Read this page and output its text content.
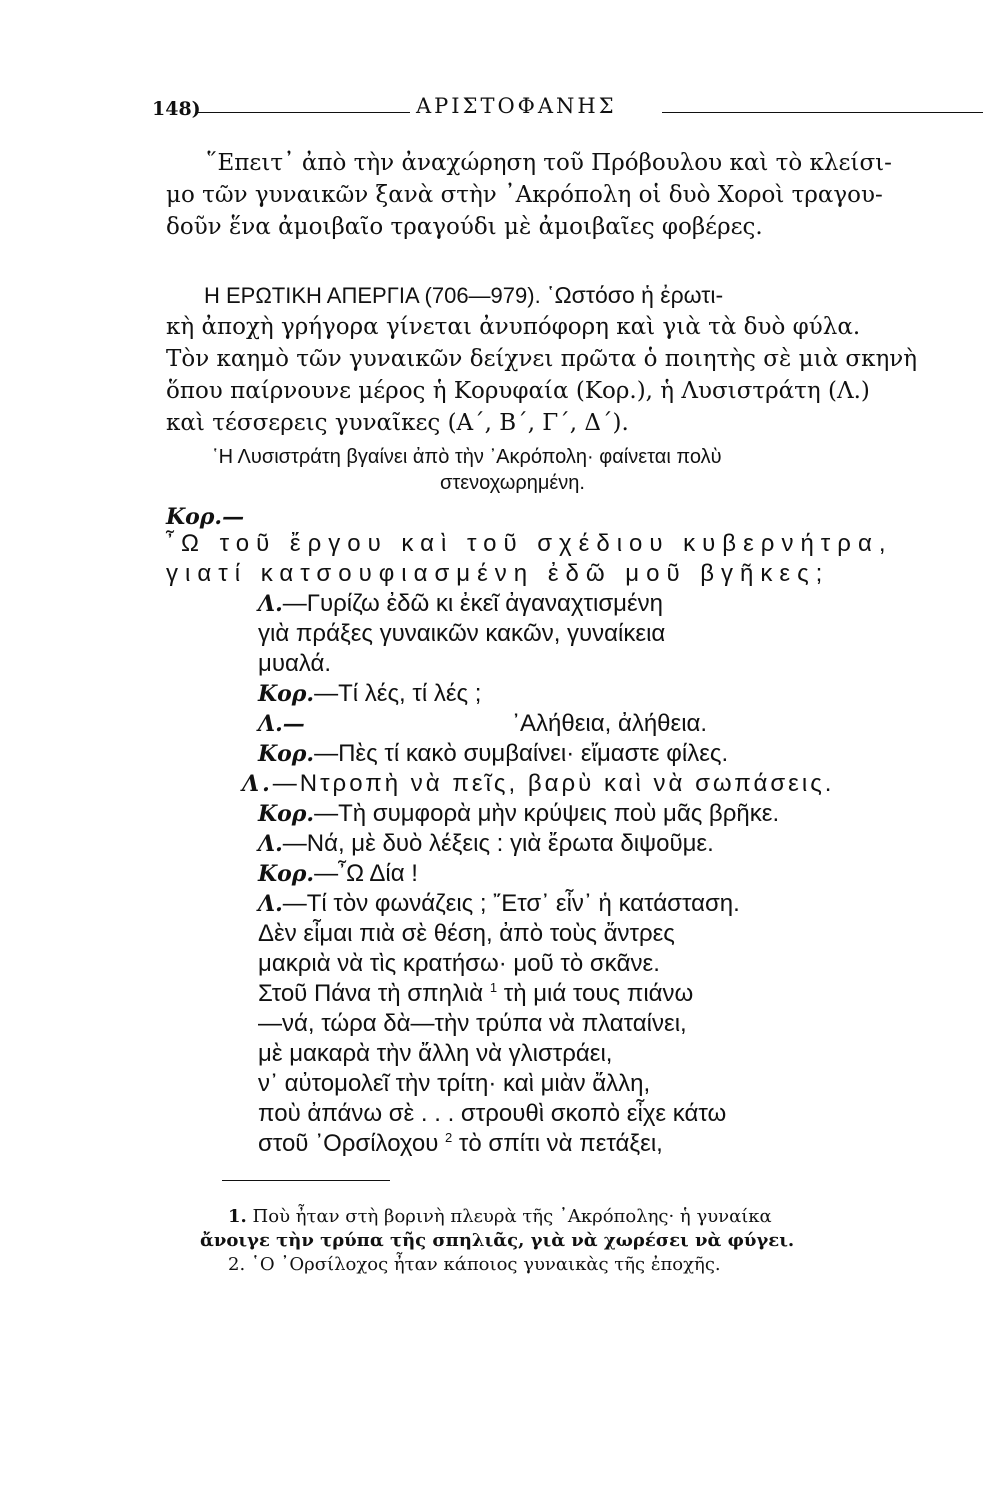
148)	ΑΡΙΣΤΟΦΑΝΗΣ
῞Επειτ᾽ ἀπὸ τὴν ἀναχώρηση τοῦ Πρόβουλου καὶ τὸ κλείσι-
μο τῶν γυναικῶν ξανὰ στὴν ᾽Ακρόπολη οἱ δυὸ Χοροὶ τραγου-
δοῦν ἕνα ἀμοιβαῖο τραγούδι μὲ ἀμοιβαῖες φοβέρες.
Η ΕΡΩΤΙΚΗ ΑΠΕΡΓΙΑ (706—979). ῾Ωστόσο ἡ ἐρωτι-
κὴ ἀποχὴ γρήγορα γίνεται ἀνυπόφορη καὶ γιὰ τὰ δυὸ φύλα.
Τὸν καημὸ τῶν γυναικῶν δείχνει πρῶτα ὁ ποιητὴς σὲ μιὰ σκηνὴ
ὅπου παίρνουνε μέρος ἡ Κορυφαία (Κορ.), ἡ Λυσιστράτη (Λ.)
καὶ τέσσερεις γυναῖκες (Α΄, Β΄, Γ΄, Δ΄).
῾Η Λυσιστράτη βγαίνει ἀπὸ τὴν ᾽Ακρόπολη· φαίνεται πολὺ
στενοχωρημένη.
Κορ.—
῏Ω τοῦ ἔργου καὶ τοῦ σχέδιου κυβερνήτρα,
γιατί κατσουφιασμένη ἐδῶ μοῦ βγῆκες;
Λ.—Γυρίζω ἐδῶ κι ἐκεῖ ἀγαναχτισμένη
γιὰ πράξες γυναικῶν κακῶν, γυναίκεια
μυαλά.
Κορ.—Τί λές, τί λές ;
Λ.—	᾽Αλήθεια, ἀλήθεια.
Κορ.—Πὲς τί κακὸ συμβαίνει· εἴμαστε φίλες.
Λ.—Ντροπὴ νὰ πεῖς, βαρὺ καὶ νὰ σωπάσεις.
Κορ.—Τὴ συμφορὰ μὴν κρύψεις ποὺ μᾶς βρῆκε.
Λ.—Νά, μὲ δυὸ λέξεις : γιὰ ἔρωτα διψοῦμε.
Κορ.—῏Ω Δία !
Λ.—Τί τὸν φωνάζεις ; ῎Ετσ᾽ εἶν᾽ ἡ κατάσταση.
Δὲν εἶμαι πιὰ σὲ θέση, ἀπὸ τοὺς ἄντρες
μακριὰ νὰ τὶς κρατήσω· μοῦ τὸ σκᾶνε.
Στοῦ Πάνα τὴ σπηλιὰ $^1$ τὴ μιά τους πιάνω
—νά, τώρα δὰ—τὴν τρύπα νὰ πλαταίνει,
μὲ μακαρὰ τὴν ἄλλη νὰ γλιστράει,
ν᾽ αὐτομολεῖ τὴν τρίτη· καὶ μιὰν ἄλλη,
ποὺ ἀπάνω σὲ . . . στρουθὶ σκοπὸ εἶχε κάτω
στοῦ ᾽Ορσίλοχου $^2$ τὸ σπίτι νὰ πετάξει,
1. Ποὺ ἦταν στὴ βορινὴ πλευρὰ τῆς ᾽Ακρόπολης· ἡ γυναίκα
ἄνοιγε τὴν τρύπα τῆς σπηλιᾶς, γιὰ νὰ χωρέσει νὰ φύγει.
2. ῾Ο ᾽Ορσίλοχος ἦταν κάποιος γυναικὰς τῆς ἐποχῆς.
